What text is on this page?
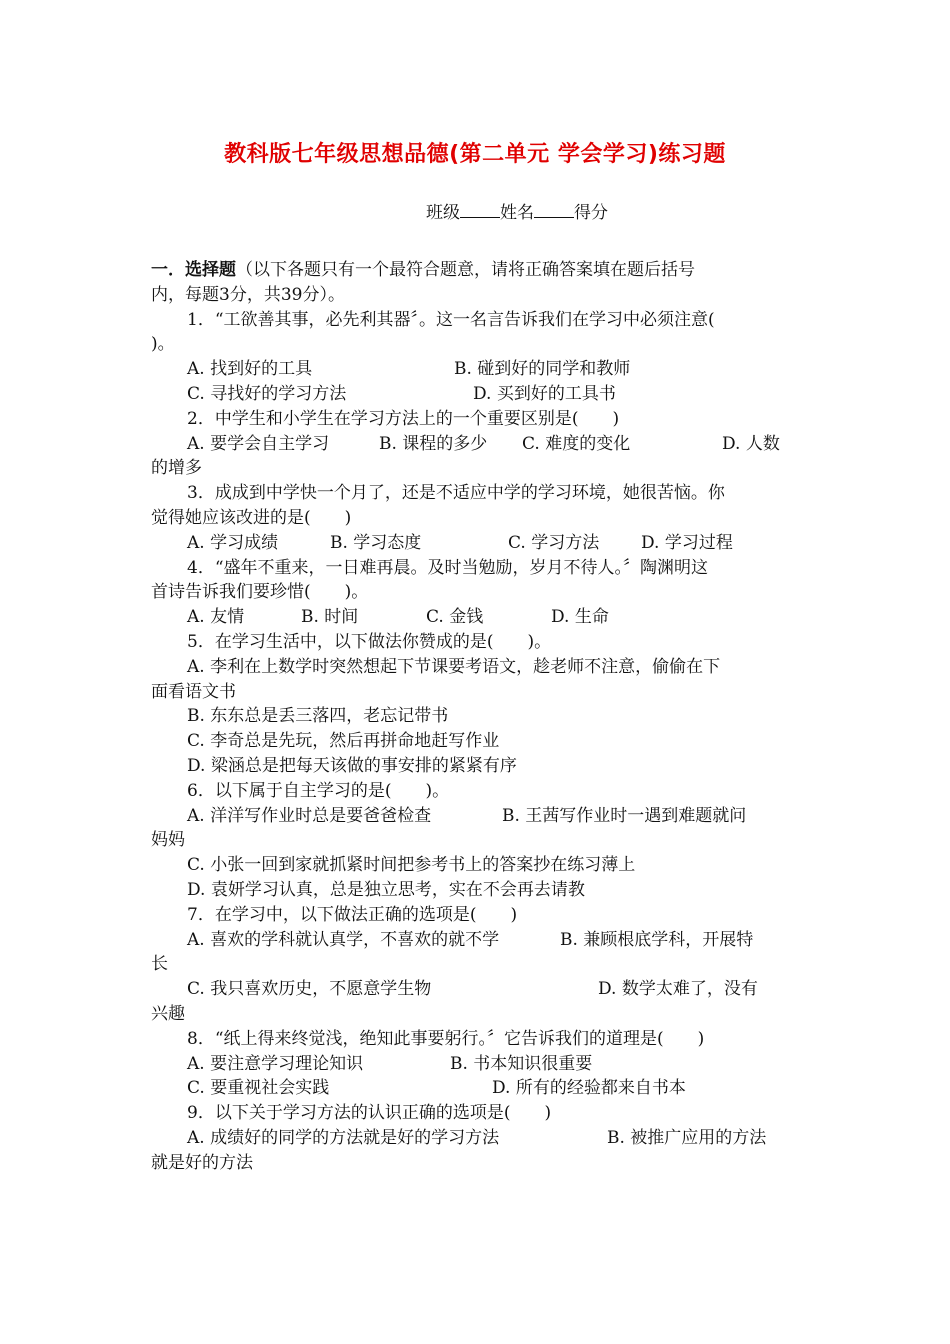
教科版七年级思想品德(第二单元 学会学习)练习题
班级 姓名 得分
一．选择题（以下各题只有一个最符合题意，请将正确答案填在题后括号
内，每题3分，共39分）。
1．“工欲善其事，必先利其器〞。这一名言告诉我们在学习中必须注意(
)。
A. 找到好的工具	B. 碰到好的同学和教师
C. 寻找好的学习方法	D. 买到好的工具书
2．中学生和小学生在学习方法上的一个重要区别是(　　)
A. 要学会自主学习	B. 课程的多少	C. 难度的变化	D. 人数
的增多
3．成成到中学快一个月了，还是不适应中学的学习环境，她很苦恼。你
觉得她应该改进的是(　　)
A. 学习成绩	B. 学习态度	C. 学习方法	D. 学习过程
4．“盛年不重来，一日难再晨。及时当勉励，岁月不待人。〞陶渊明这
首诗告诉我们要珍惜(　　)。
A. 友情	B. 时间	C. 金钱	D. 生命
5．在学习生活中，以下做法你赞成的是(　　)。
A. 李利在上数学时突然想起下节课要考语文，趁老师不注意，偷偷在下
面看语文书
B. 东东总是丢三落四，老忘记带书
C. 李奇总是先玩，然后再拼命地赶写作业
D. 梁涵总是把每天该做的事安排的紧紧有序
6．以下属于自主学习的是(　　)。
A. 洋洋写作业时总是要爸爸检查	B. 王茜写作业时一遇到难题就问
妈妈
C. 小张一回到家就抓紧时间把参考书上的答案抄在练习薄上
D. 袁妍学习认真，总是独立思考，实在不会再去请教
7．在学习中，以下做法正确的选项是(　　)
A. 喜欢的学科就认真学，不喜欢的就不学	B. 兼顾根底学科，开展特
长
C. 我只喜欢历史，不愿意学生物	D. 数学太难了，没有
兴趣
8．“纸上得来终觉浅，绝知此事要躬行。〞它告诉我们的道理是(　　)
A. 要注意学习理论知识	B. 书本知识很重要
C. 要重视社会实践	D. 所有的经验都来自书本
9．以下关于学习方法的认识正确的选项是(　　)
A. 成绩好的同学的方法就是好的学习方法	B. 被推广应用的方法
就是好的方法
